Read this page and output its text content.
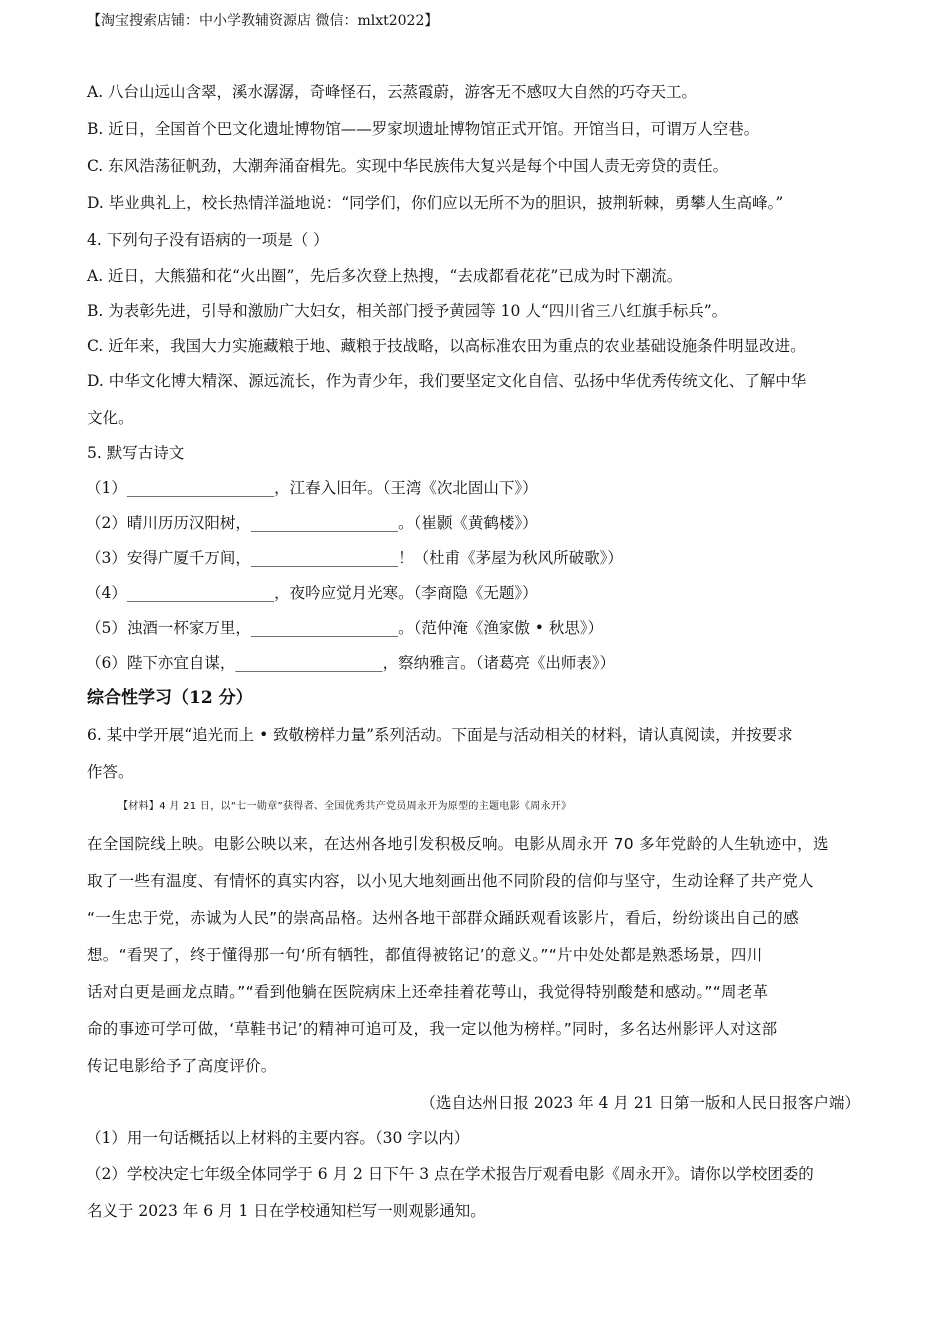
【淘宝搜索店铺：中小学教辅资源店 微信：mlxt2022】
A. 八台山远山含翠，溪水潺潺，奇峰怪石，云蒸霞蔚，游客无不感叹大自然的巧夺天工。
B. 近日，全国首个巴文化遗址博物馆——罗家坝遗址博物馆正式开馆。开馆当日，可谓万人空巷。
C. 东风浩荡征帆劲，大潮奔涌奋楫先。实现中华民族伟大复兴是每个中国人责无旁贷的责任。
D. 毕业典礼上，校长热情洋溢地说：“同学们，你们应以无所不为的胆识，披荆斩棘，勇攀人生高峰。”
4. 下列句子没有语病的一项是（ ）
A. 近日，大熊猫和花“火出圈”，先后多次登上热搜，“去成都看花花”已成为时下潮流。
B. 为表彰先进，引导和激励广大妇女，相关部门授予黄园等 10 人“四川省三八红旗手标兵”。
C. 近年来，我国大力实施藏粮于地、藏粮于技战略，以高标准农田为重点的农业基础设施条件明显改进。
D. 中华文化博大精深、源远流长，作为青少年，我们要坚定文化自信、弘扬中华优秀传统文化、了解中华
文化。
5. 默写古诗文
（1）___________________，江春入旧年。（王湾《次北固山下》）
（2）晴川历历汉阳树，___________________。（崔颢《黄鹤楼》）
（3）安得广厦千万间，___________________！（杜甫《茅屋为秋风所破歌》）
（4）___________________，夜吟应觉月光寒。（李商隐《无题》）
（5）浊酒一杯家万里，___________________。（范仲淹《渔家傲 • 秋思》）
（6）陛下亦宜自谋，___________________，察纳雅言。（诸葛亮《出师表》）
综合性学习（12 分）
6. 某中学开展“追光而上 • 致敬榜样力量”系列活动。下面是与活动相关的材料，请认真阅读，并按要求
作答。
【材料】4 月 21 日，以“七一勋章”获得者、全国优秀共产党员周永开为原型的主题电影《周永开》
在全国院线上映。电影公映以来，在达州各地引发积极反响。电影从周永开 70 多年党龄的人生轨迹中，选
取了一些有温度、有情怀的真实内容，以小见大地刻画出他不同阶段的信仰与坚守，生动诠释了共产党人
“一生忠于党，赤诚为人民”的崇高品格。达州各地干部群众踊跃观看该影片，看后，纷纷谈出自己的感
想。“看哭了，终于懂得那一句‘所有牺牲，都值得被铭记’的意义。”“片中处处都是熟悉场景，四川
话对白更是画龙点睛。”“看到他躺在医院病床上还牵挂着花萼山，我觉得特别酸楚和感动。”“周老革
命的事迹可学可做，‘草鞋书记’的精神可追可及，我一定以他为榜样。”同时，多名达州影评人对这部
传记电影给予了高度评价。
（选自达州日报 2023 年 4 月 21 日第一版和人民日报客户端）
（1）用一句话概括以上材料的主要内容。（30 字以内）
（2）学校决定七年级全体同学于 6 月 2 日下午 3 点在学术报告厅观看电影《周永开》。请你以学校团委的
名义于 2023 年 6 月 1 日在学校通知栏写一则观影通知。
